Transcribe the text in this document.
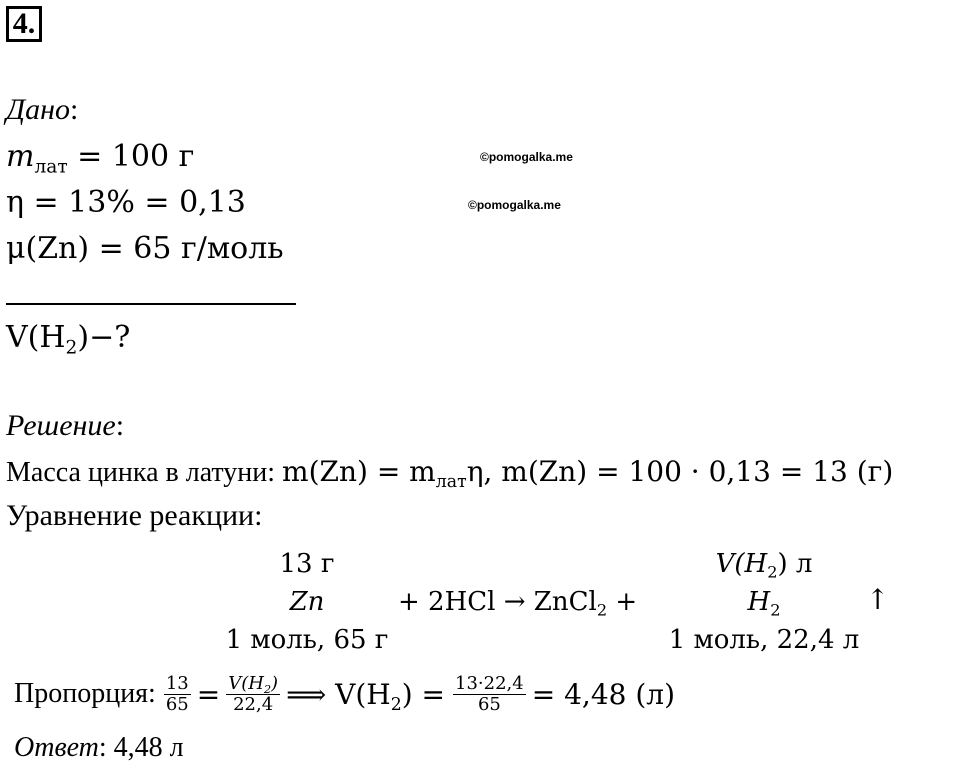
4.
Дано:
$m_{лат} = 100$ г
η = 13% = 0,13
μ(Zn) = 65 г/моль
$V(H_2)-$?
©pomogalka.me
©pomogalka.me
Решение:
Масса цинка в латуни: $m(Zn) = m_{лат}\eta$, m(Zn) = 100 · 0,13 = 13 (г)
Уравнение реакции:
13 г
Zn
1 моль, 65 г
+ 2HCl → ZnCl$_2$ +
$V(H_2)$ л
$H_2$
1 моль, 22,4 л
↑
Пропорция: $\frac{13}{65} = \frac{V(H_2)}{22,4}$ ⟹ $V(H_2) = \frac{13\cdot 22,4}{65} = 4,48$ (л)
Ответ: 4,48 л
